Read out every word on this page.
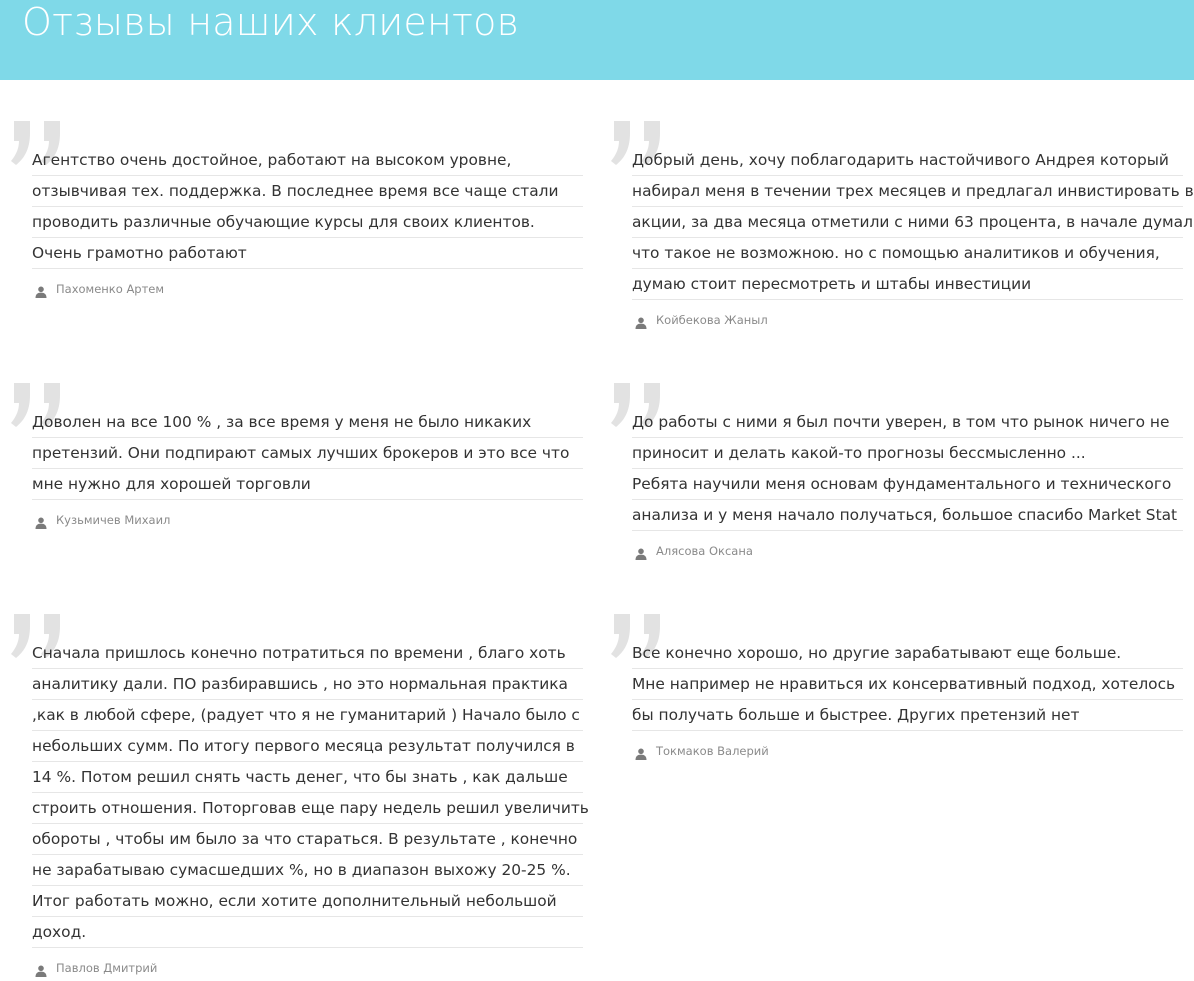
Отзывы наших клиентов
Агентство очень достойное, работают на высоком уровне,
отзывчивая тех. поддержка. В последнее время все чаще стали
проводить различные обучающие курсы для своих клиентов.
Очень грамотно работают
Пахоменко Артем
Добрый день, хочу поблагодарить настойчивого Андрея который
набирал меня в течении трех месяцев и предлагал инвистировать в
акции, за два месяца отметили с ними 63 процента, в начале думал
что такое не возможною. но с помощью аналитиков и обучения,
думаю стоит пересмотреть и штабы инвестиции
Койбекова Жаныл
Доволен на все 100 % , за все время у меня не было никаких
претензий. Они подпирают самых лучших брокеров и это все что
мне нужно для хорошей торговли
Кузьмичев Михаил
До работы с ними я был почти уверен, в том что рынок ничего не
приносит и делать какой-то прогнозы бессмысленно ...
Ребята научили меня основам фундаментального и технического
анализа и у меня начало получаться, большое спасибо Market Stat
Алясова Оксана
Сначала пришлось конечно потратиться по времени , благо хоть
аналитику дали. ПО разбиравшись , но это нормальная практика
,как в любой сфере, (радует что я не гуманитарий ) Начало было с
небольших сумм. По итогу первого месяца результат получился в
14 %. Потом решил снять часть денег, что бы знать , как дальше
строить отношения. Поторговав еще пару недель решил увеличить
обороты , чтобы им было за что стараться. В результате , конечно
не зарабатываю сумасшедших %, но в диапазон выхожу 20-25 %.
Итог работать можно, если хотите дополнительный небольшой
доход.
Павлов Дмитрий
Все конечно хорошо, но другие зарабатывают еще больше.
Мне например не нравиться их консервативный подход, хотелось
бы получать больше и быстрее. Других претензий нет
Токмаков Валерий
